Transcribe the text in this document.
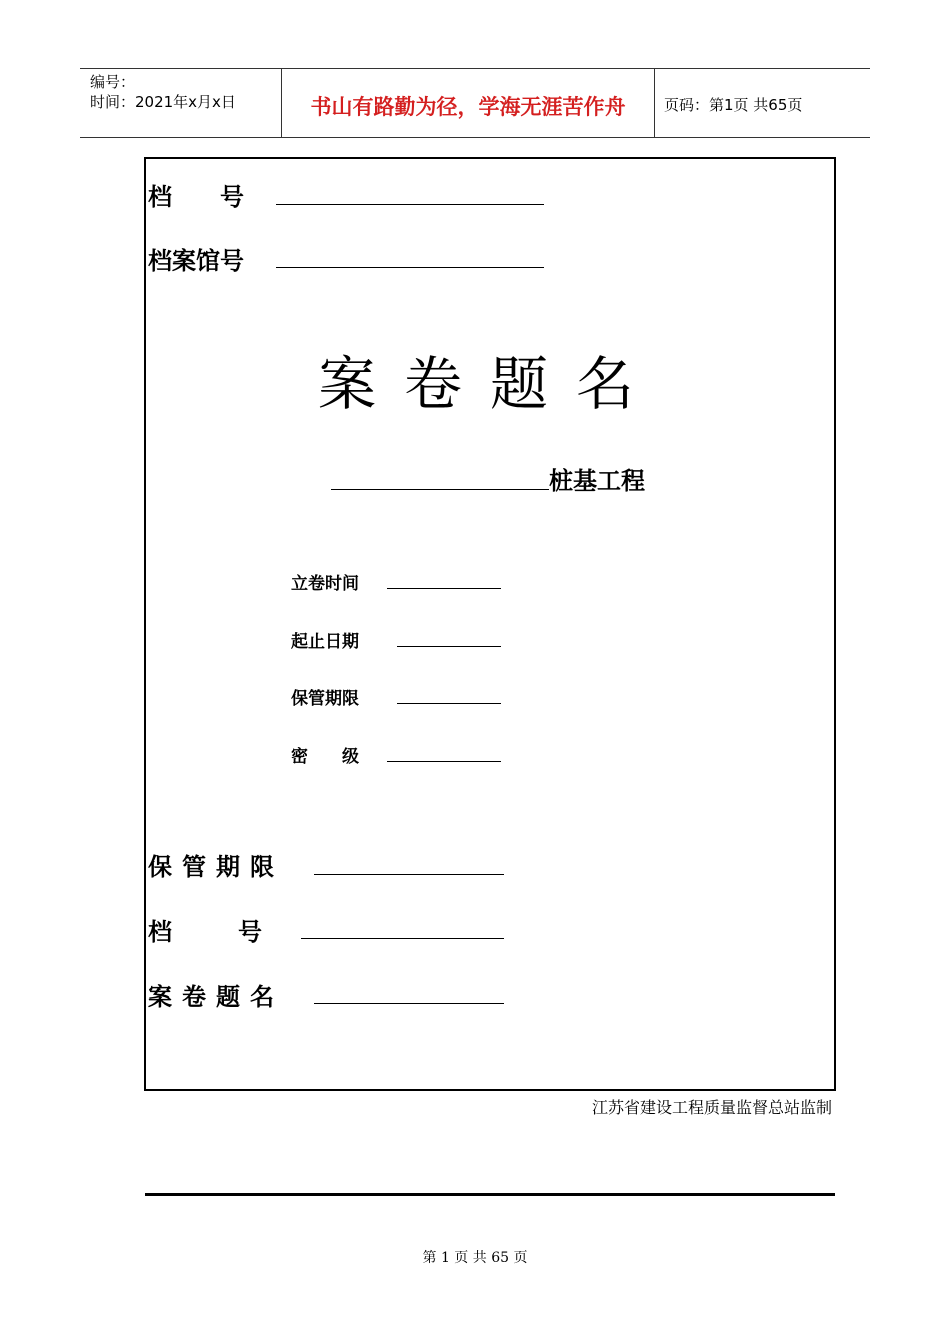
编号：
时间：2021年x月x日	书山有路勤为径，学海无涯苦作舟	页码：第1页 共65页
档　　号
档案馆号
案卷题名
桩基工程
立卷时间
起止日期
保管期限
密　　级
保管期限
档　　号
案卷题名
江苏省建设工程质量监督总站监制
第 1 页 共 65 页
